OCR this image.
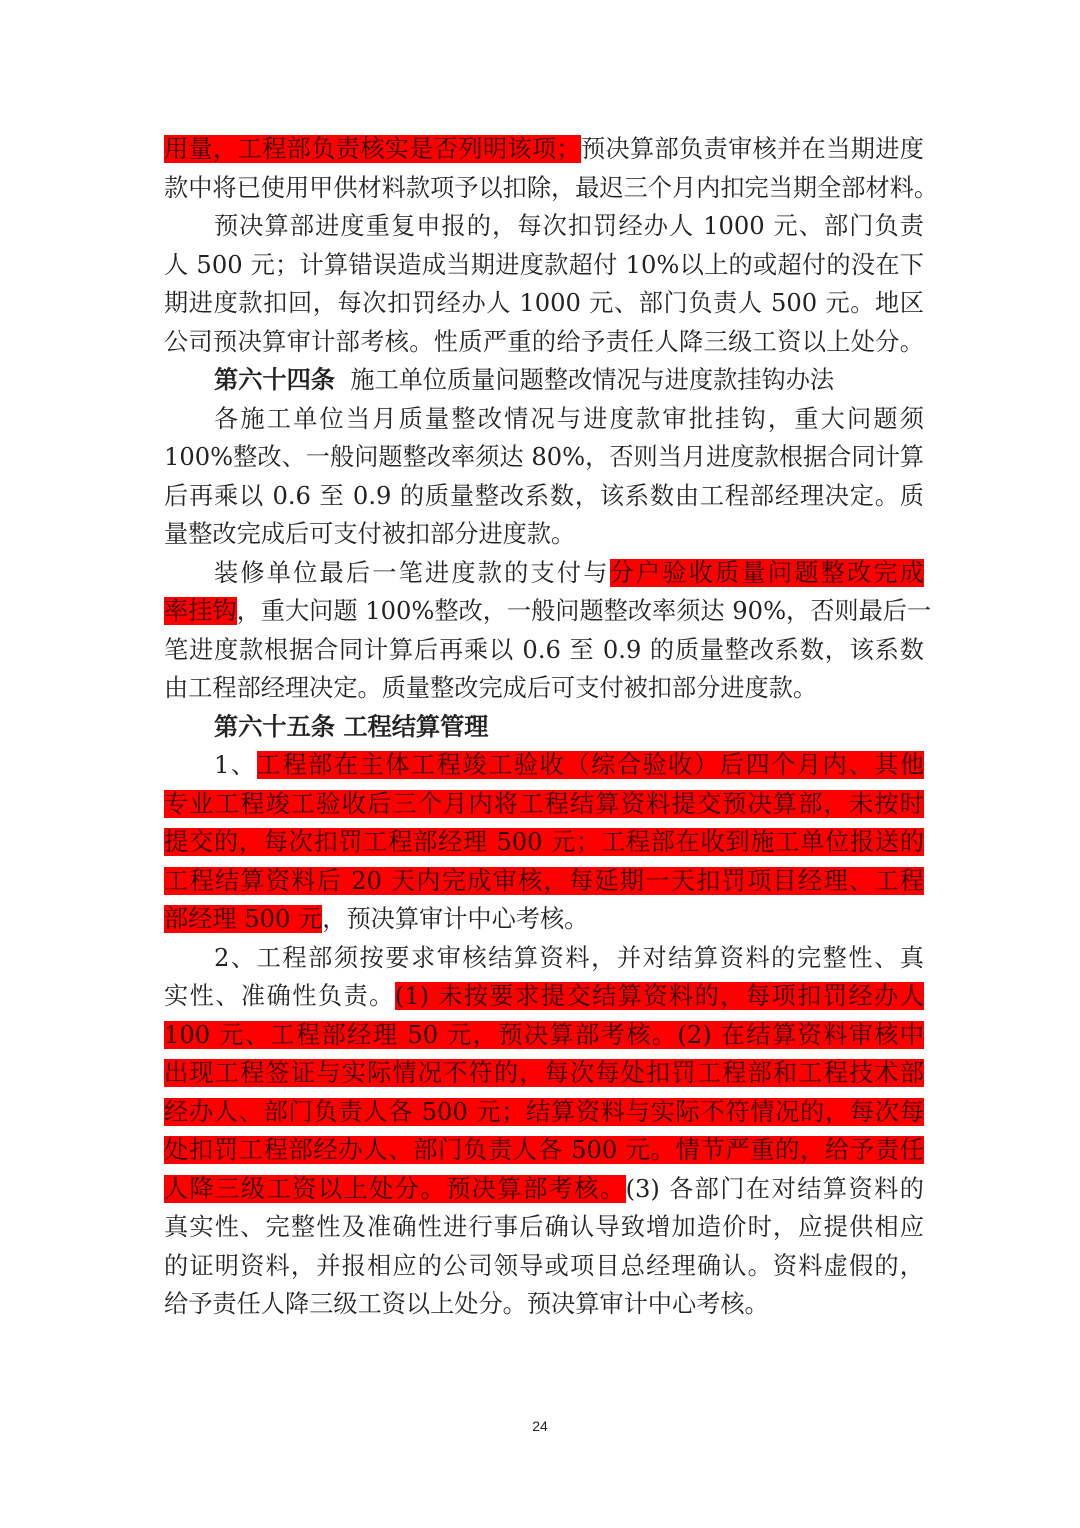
用量，工程部负责核实是否列明该项；预决算部负责审核并在当期进度
款中将已使用甲供材料款项予以扣除，最迟三个月内扣完当期全部材料。
预决算部进度重复申报的，每次扣罚经办人 1000 元、部门负责
人 500 元；计算错误造成当期进度款超付 10%以上的或超付的没在下
期进度款扣回，每次扣罚经办人 1000 元、部门负责人 500 元。地区
公司预决算审计部考核。性质严重的给予责任人降三级工资以上处分。
第六十四条  施工单位质量问题整改情况与进度款挂钩办法
各施工单位当月质量整改情况与进度款审批挂钩，重大问题须
100%整改、一般问题整改率须达 80%，否则当月进度款根据合同计算
后再乘以 0.6 至 0.9 的质量整改系数，该系数由工程部经理决定。质
量整改完成后可支付被扣部分进度款。
装修单位最后一笔进度款的支付与分户验收质量问题整改完成
率挂钩，重大问题 100%整改，一般问题整改率须达 90%，否则最后一
笔进度款根据合同计算后再乘以 0.6 至 0.9 的质量整改系数，该系数
由工程部经理决定。质量整改完成后可支付被扣部分进度款。
第六十五条 工程结算管理
1、工程部在主体工程竣工验收（综合验收）后四个月内、其他
专业工程竣工验收后三个月内将工程结算资料提交预决算部，未按时
提交的，每次扣罚工程部经理 500 元；工程部在收到施工单位报送的
工程结算资料后 20 天内完成审核，每延期一天扣罚项目经理、工程
部经理 500 元，预决算审计中心考核。
2、工程部须按要求审核结算资料，并对结算资料的完整性、真
实性、准确性负责。(1) 未按要求提交结算资料的，每项扣罚经办人
100 元、工程部经理 50 元，预决算部考核。(2) 在结算资料审核中
出现工程签证与实际情况不符的，每次每处扣罚工程部和工程技术部
经办人、部门负责人各 500 元；结算资料与实际不符情况的，每次每
处扣罚工程部经办人、部门负责人各 500 元。情节严重的，给予责任
人降三级工资以上处分。预决算部考核。(3) 各部门在对结算资料的
真实性、完整性及准确性进行事后确认导致增加造价时，应提供相应
的证明资料，并报相应的公司领导或项目总经理确认。资料虚假的，
给予责任人降三级工资以上处分。预决算审计中心考核。
24
